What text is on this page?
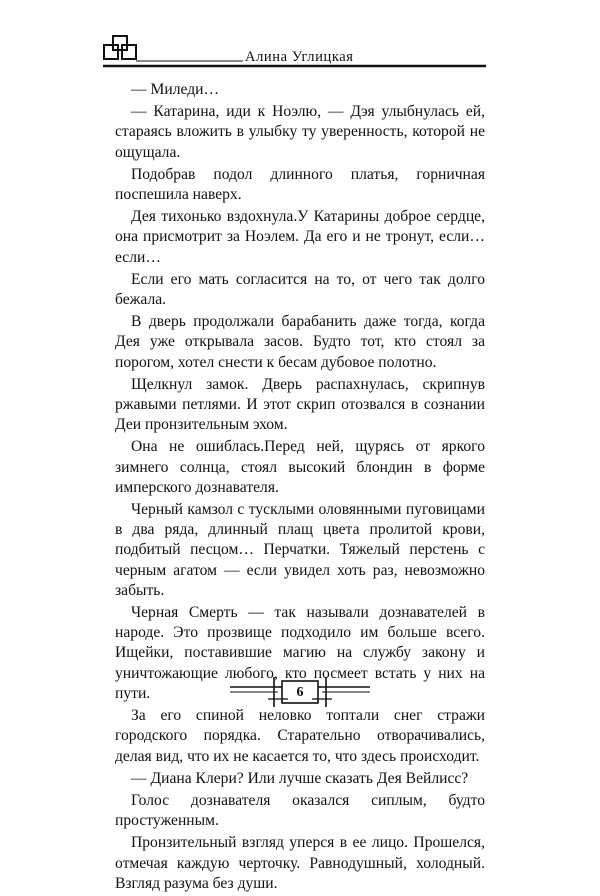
Алина Углицкая

— Миледи…

— Катарина, иди к Ноэлю, — Дэя улыбнулась ей, стараясь вложить в улыбку ту уверенность, которой не ощущала.

Подобрав подол длинного платья, горничная поспешила наверх.

Дея тихонько вздохнула.У Катарины доброе сердце, она присмотрит за Ноэлем. Да его и не тронут, если… если…

Если его мать согласится на то, от чего так долго бежала.

В дверь продолжали барабанить даже тогда, когда Дея уже открывала засов. Будто тот, кто стоял за порогом, хотел снести к бесам дубовое полотно.

Щелкнул замок. Дверь распахнулась, скрипнув ржавыми петлями. И этот скрип отозвался в сознании Деи пронзительным эхом.

Она не ошиблась.Перед ней, щурясь от яркого зимнего солнца, стоял высокий блондин в форме имперского дознавателя.

Черный камзол с тусклыми оловянными пуговицами в два ряда, длинный плащ цвета пролитой крови, подбитый песцом… Перчатки. Тяжелый перстень с черным агатом — если увидел хоть раз, невозможно забыть.

Черная Смерть — так называли дознавателей в народе. Это прозвище подходило им больше всего. Ищейки, поставившие магию на службу закону и уничтожающие любого, кто посмеет встать у них на пути.

За его спиной неловко топтали снег стражи городского порядка. Старательно отворачивались, делая вид, что их не касается то, что здесь происходит.

— Диана Клери? Или лучше сказать Дея Вейлисс?

Голос дознавателя оказался сиплым, будто простуженным.

Пронзительный взгляд уперся в ее лицо. Прошелся, отмечая каждую черточку. Равнодушный, холодный. Взгляд разума без души.

6
